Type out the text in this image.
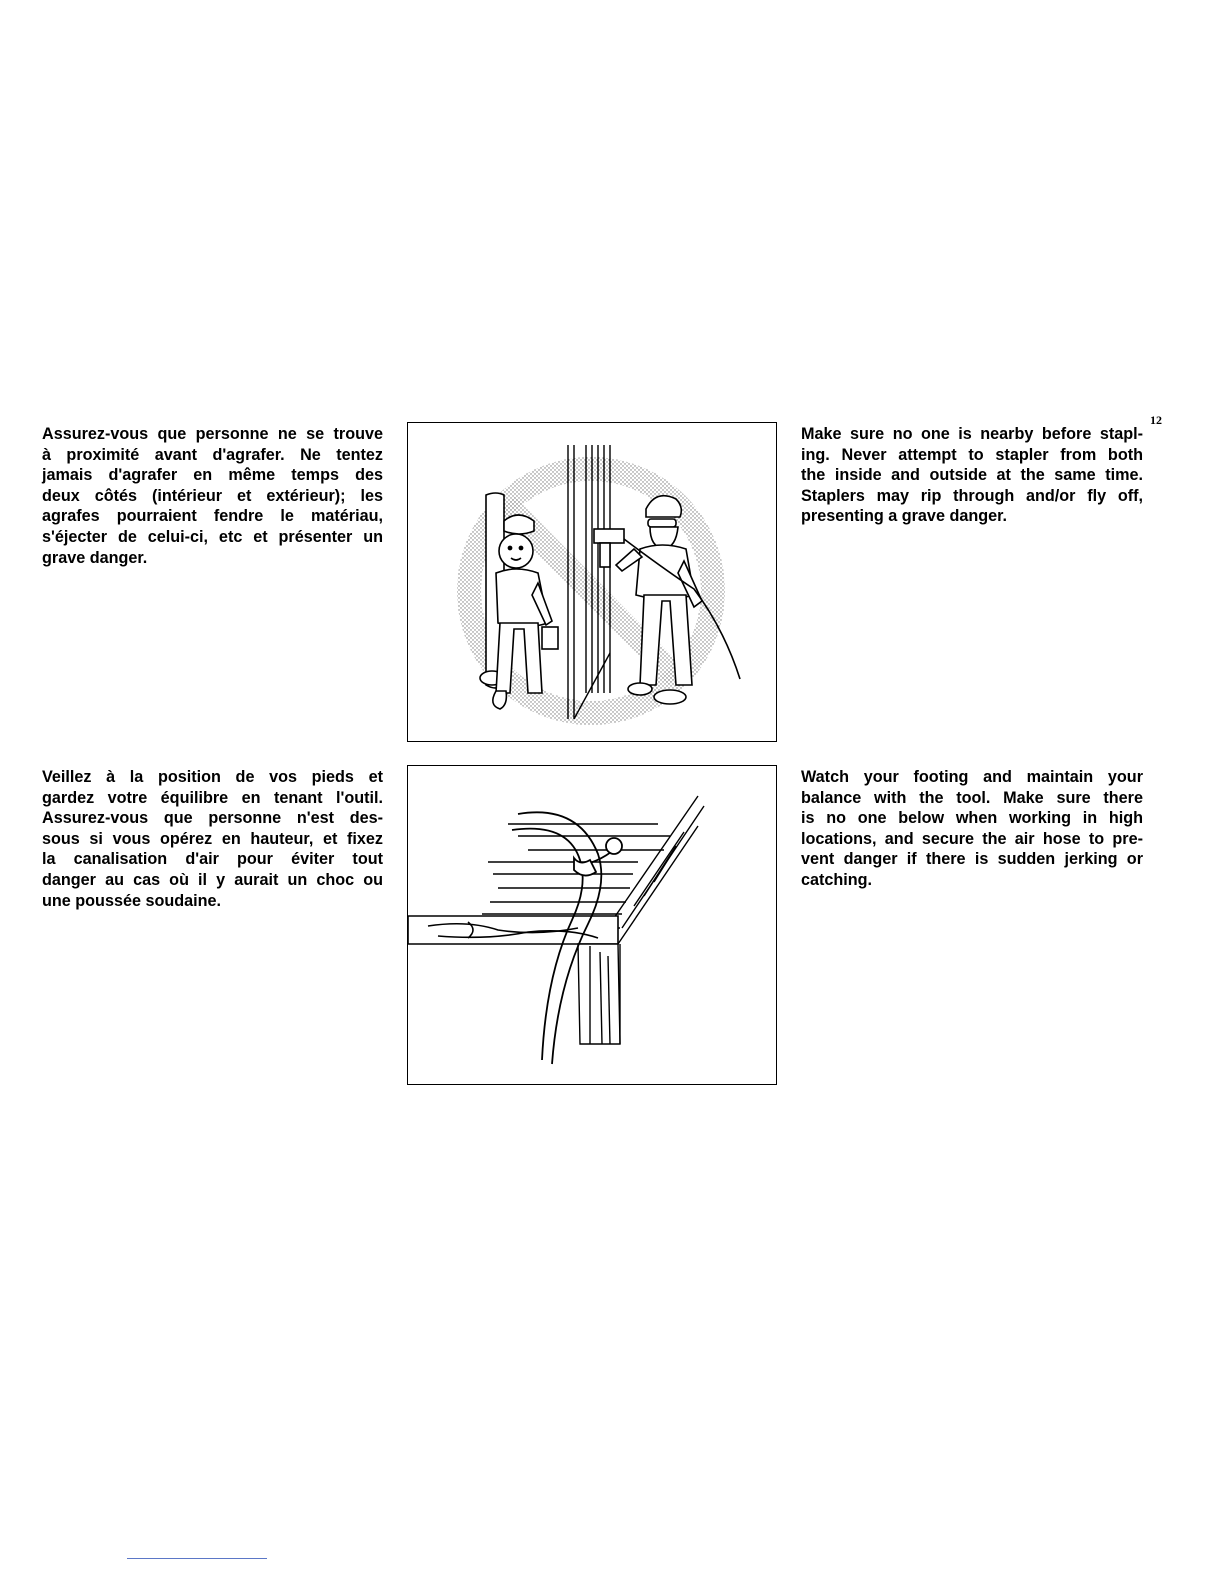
12
Assurez-vous que personne ne se trouve
à proximité avant d'agrafer. Ne tentez
jamais d'agrafer en même temps des
deux côtés (intérieur et extérieur); les
agrafes pourraient fendre le matériau,
s'éjecter de celui-ci, etc et présenter un
grave danger.
Make sure no one is nearby before stapl-
ing. Never attempt to stapler from both
the inside and outside at the same time.
Staplers may rip through and/or fly off,
presenting a grave danger.
Veillez à la position de vos pieds et
gardez votre équilibre en tenant l'outil.
Assurez-vous que personne n'est des-
sous si vous opérez en hauteur, et fixez
la canalisation d'air pour éviter tout
danger au cas où il y aurait un choc ou
une poussée soudaine.
Watch your footing and maintain your
balance with the tool. Make sure there
is no one below when working in high
locations, and secure the air hose to pre-
vent danger if there is sudden jerking or
catching.
